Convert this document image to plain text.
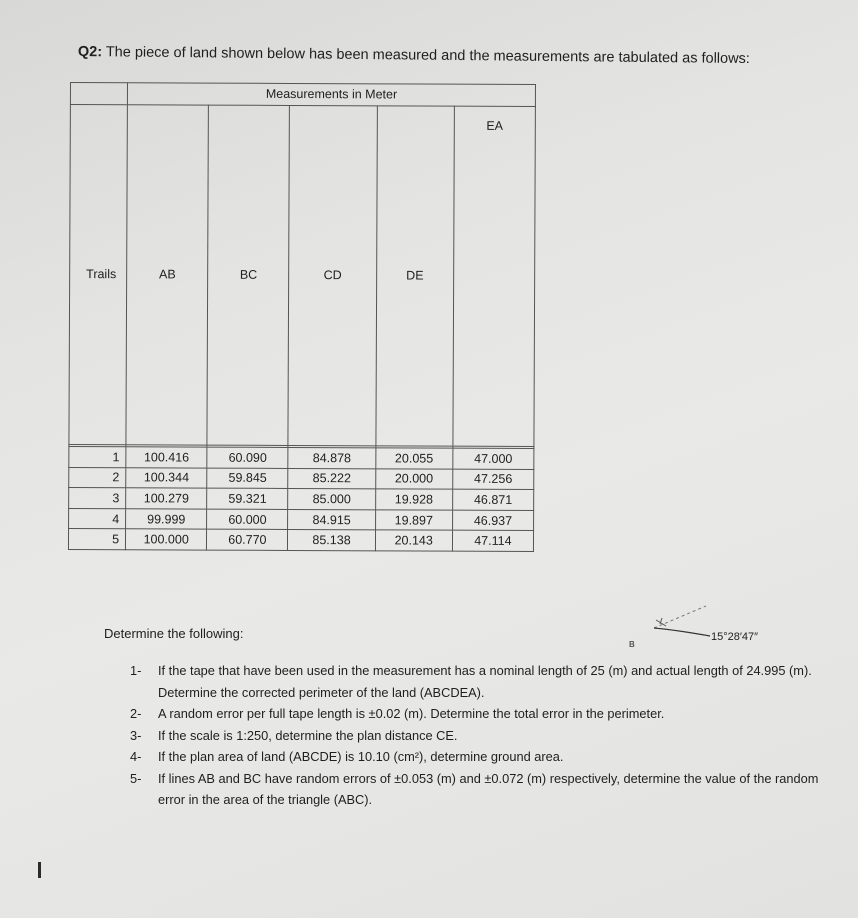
Q2: The piece of land shown below has been measured and the measurements are tabulated as follows:
	Measurements in Meter				
Trails	AB	BC	CD	DE	EA

1	100.416	60.090	84.878	20.055	47.000
2	100.344	59.845	85.222	20.000	47.256
3	100.279	59.321	85.000	19.928	46.871
4	99.999	60.000	84.915	19.897	46.937
5	100.000	60.770	85.138	20.143	47.114
Determine the following:
B
15°28′47″
1-	If the tape that have been used in the measurement has a nominal length of 25 (m) and actual length of 24.995 (m). Determine the corrected perimeter of the land (ABCDEA).
2-	A random error per full tape length is ±0.02 (m). Determine the total error in the perimeter.
3-	If the scale is 1:250, determine the plan distance CE.
4-	If the plan area of land (ABCDE) is 10.10 (cm²), determine ground area.
5-	If lines AB and BC have random errors of ±0.053 (m) and ±0.072 (m) respectively, determine the value of the random error in the area of the triangle (ABC).
